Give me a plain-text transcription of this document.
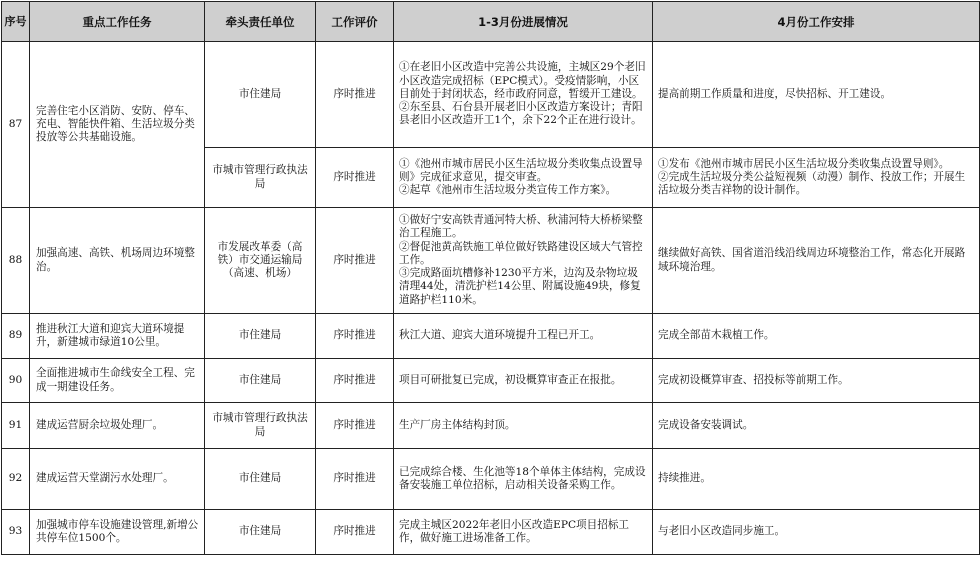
序号	重点工作任务	牵头责任单位	工作评价	1-3月份进展情况	4月份工作安排
87	完善住宅小区消防、安防、停车、充电、智能快件箱、生活垃圾分类投放等公共基础设施。	市住建局	序时推进	①在老旧小区改造中完善公共设施，主城区29个老旧小区改造完成招标（EPC模式）。受疫情影响，小区目前处于封闭状态，经市政府同意，暂缓开工建设。
②东至县、石台县开展老旧小区改造方案设计；青阳县老旧小区改造开工1个，余下22个正在进行设计。	提高前期工作质量和进度，尽快招标、开工建设。

		市城市管理行政执法局	序时推进	①《池州市城市居民小区生活垃圾分类收集点设置导则》完成征求意见，提交审查。
②起草《池州市生活垃圾分类宣传工作方案》。	①发布《池州市城市居民小区生活垃圾分类收集点设置导则》。
②完成生活垃圾分类公益短视频（动漫）制作、投放工作；开展生活垃圾分类吉祥物的设计制作。

88	加强高速、高铁、机场周边环境整治。	市发展改革委（高铁）市交通运输局（高速、机场）	序时推进	①做好宁安高铁青通河特大桥、秋浦河特大桥桥梁整治工程施工。
②督促池黄高铁施工单位做好铁路建设区域大气管控工作。
③完成路面坑槽修补1230平方米，边沟及杂物垃圾清理44处，清洗护栏14公里、附属设施49块，修复道路护栏110米。	继续做好高铁、国省道沿线沿线周边环境整治工作，常态化开展路域环境治理。

89	推进秋江大道和迎宾大道环境提升，新建城市绿道10公里。	市住建局	序时推进	秋江大道、迎宾大道环境提升工程已开工。	完成全部苗木栽植工作。

90	全面推进城市生命线安全工程、完成一期建设任务。	市住建局	序时推进	项目可研批复已完成，初设概算审查正在报批。	完成初设概算审查、招投标等前期工作。

91	建成运营厨余垃圾处理厂。	市城市管理行政执法局	序时推进	生产厂房主体结构封顶。	完成设备安装调试。

92	建成运营天堂湖污水处理厂。	市住建局	序时推进	已完成综合楼、生化池等18个单体主体结构，完成设备安装施工单位招标，启动相关设备采购工作。	持续推进。

93	加强城市停车设施建设管理,新增公共停车位1500个。	市住建局	序时推进	完成主城区2022年老旧小区改造EPC项目招标工作，做好施工进场准备工作。	与老旧小区改造同步施工。
